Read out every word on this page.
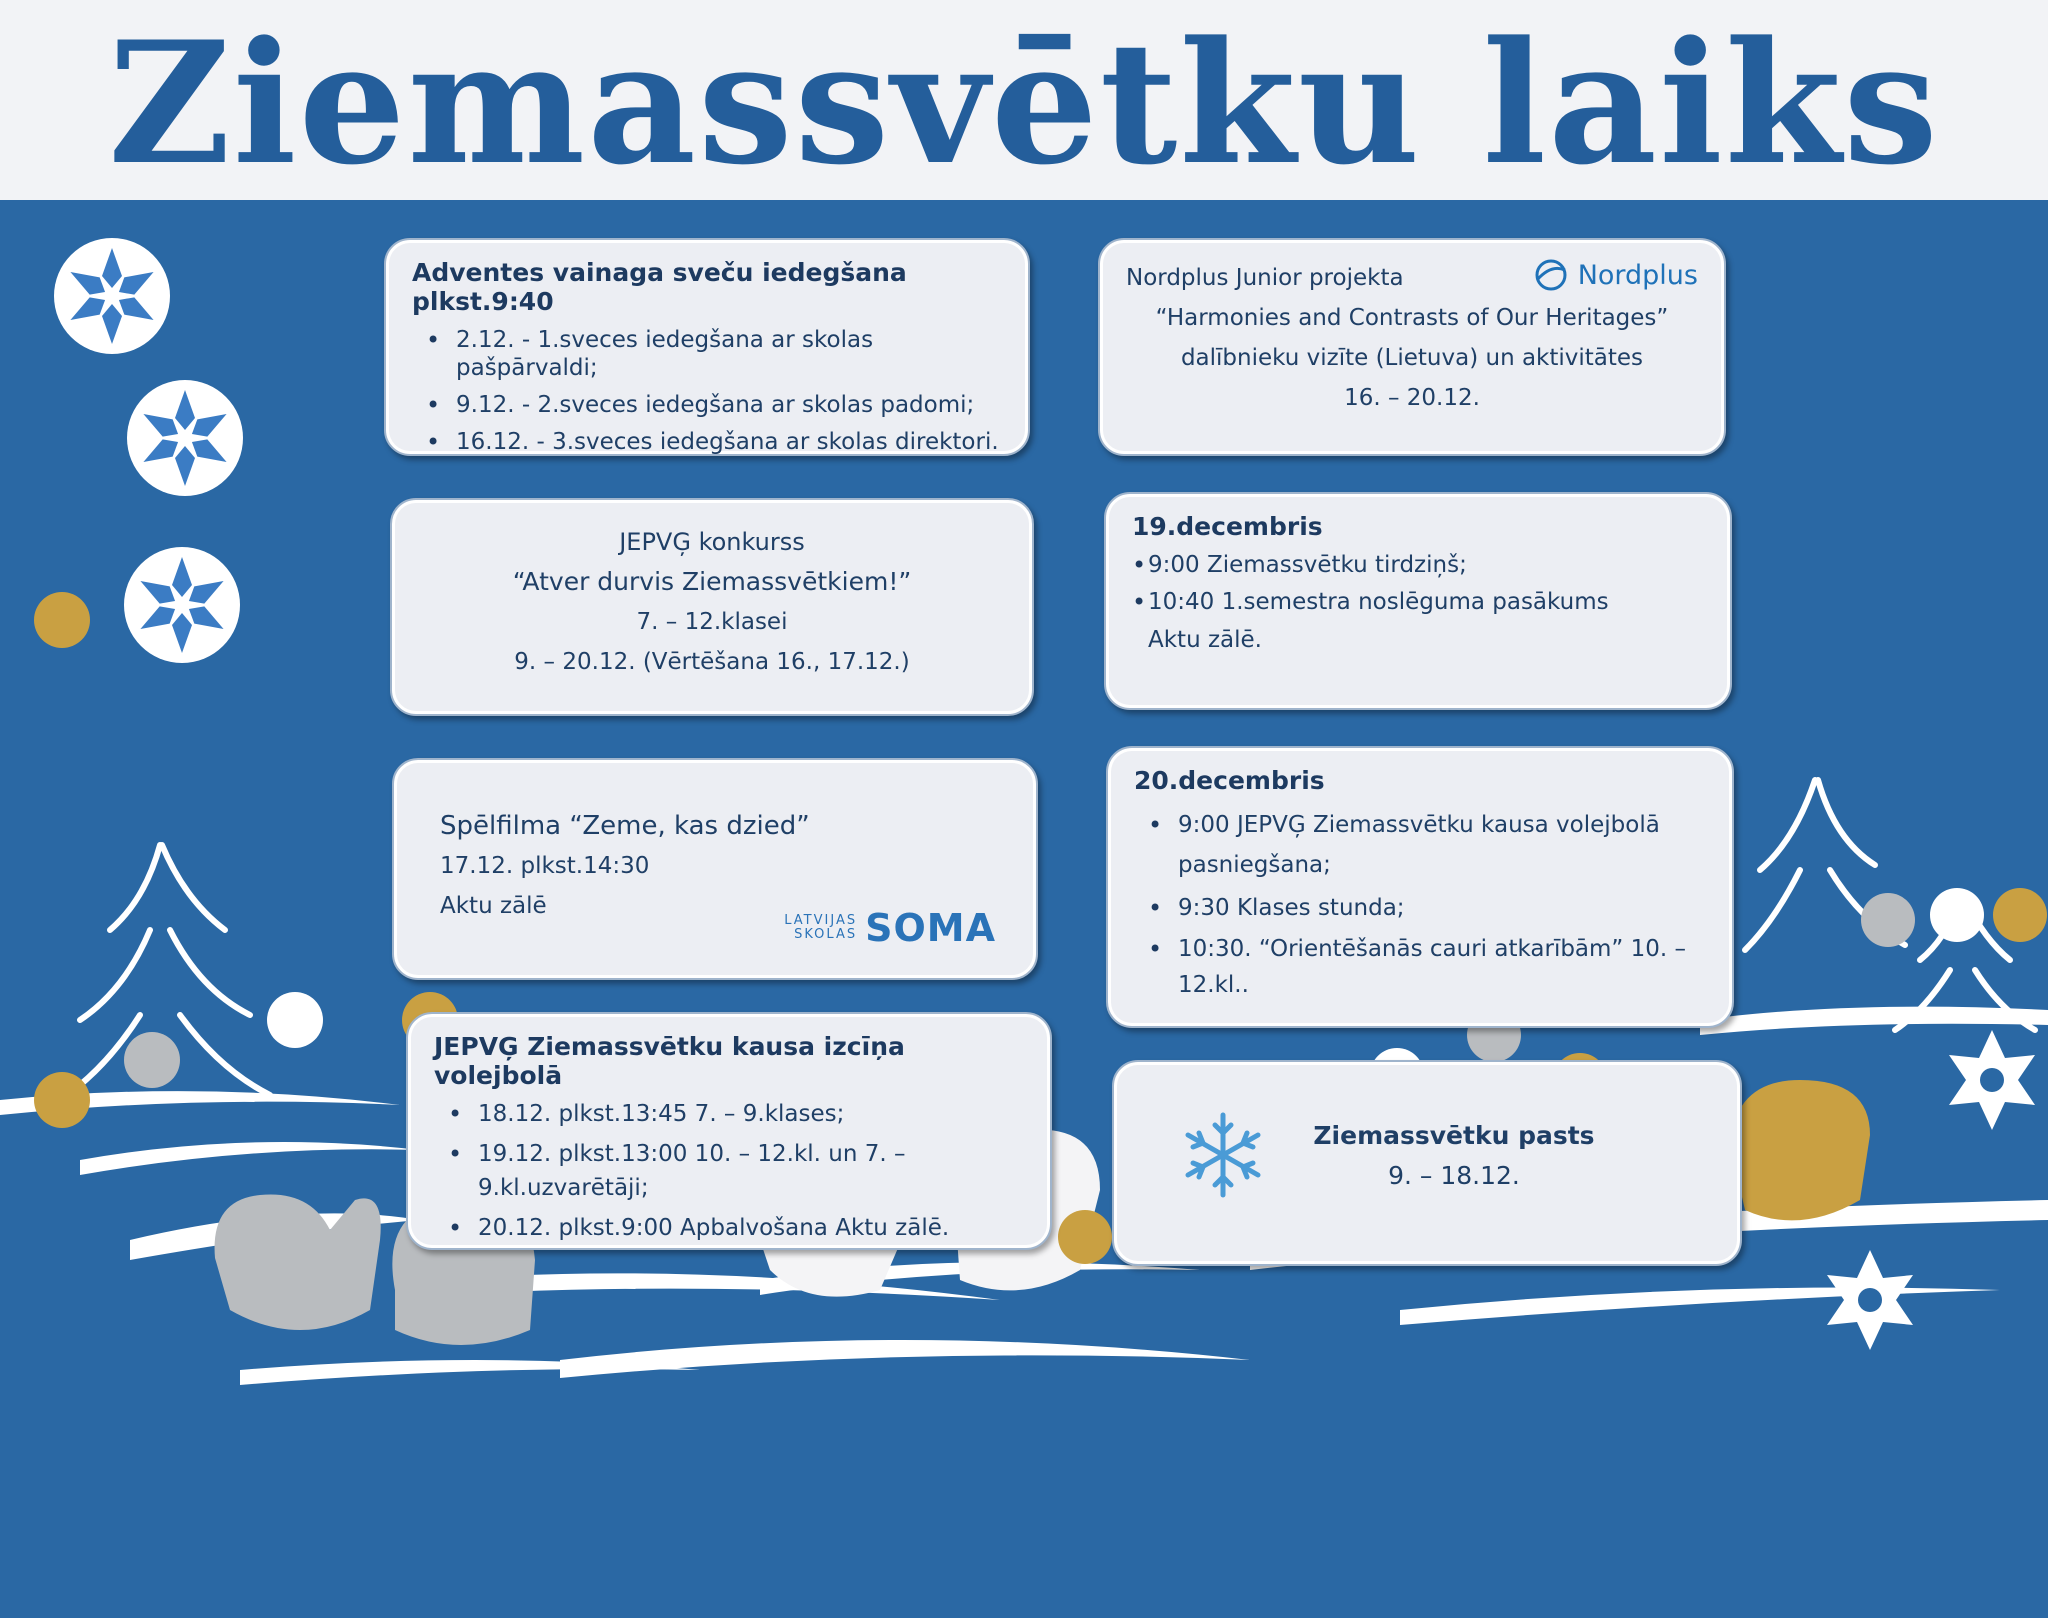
Ziemassvētku laiks
Adventes vainaga sveču iedegšana plkst.9:40
• 2.12. - 1.sveces iedegšana ar skolas pašpārvaldi;
• 9.12. - 2.sveces iedegšana ar skolas padomi;
• 16.12. - 3.sveces iedegšana ar skolas direktori.
Nordplus Junior projekta	Nordplus
“Harmonies and Contrasts of Our Heritages”
dalībnieku vizīte (Lietuva) un aktivitātes
16. – 20.12.
JEPVĢ konkurss
“Atver durvis Ziemassvētkiem!”
7. – 12.klasei
9. – 20.12. (Vērtēšana 16., 17.12.)
19.decembris
• 9:00 Ziemassvētku tirdziņš;
• 10:40 1.semestra noslēguma pasākums
Aktu zālē.
Spēlfilma “Zeme, kas dzied”
17.12. plkst.14:30
Aktu zālē
LATVIJAS
SKOLAS SOMA
20.decembris
• 9:00 JEPVĢ Ziemassvētku kausa volejbolā pasniegšana;
• 9:30 Klases stunda;
• 10:30. “Orientēšanās cauri atkarībām” 10. – 12.kl..
JEPVĢ Ziemassvētku kausa izcīņa volejbolā
• 18.12. plkst.13:45 7. – 9.klases;
• 19.12. plkst.13:00 10. – 12.kl. un 7. – 9.kl.uzvarētāji;
• 20.12. plkst.9:00 Apbalvošana Aktu zālē.
Ziemassvētku pasts
9. – 18.12.
